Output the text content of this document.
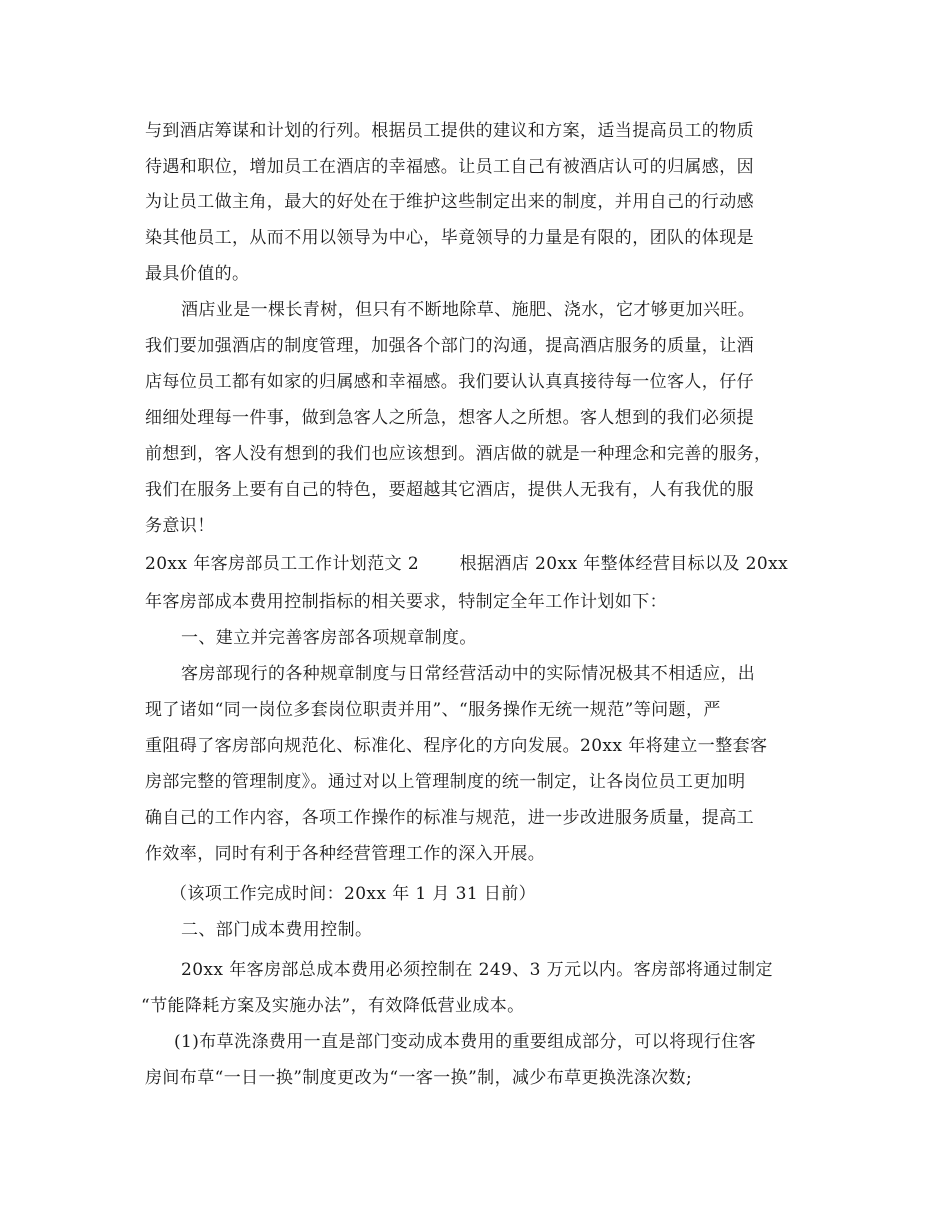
与到酒店筹谋和计划的行列。根据员工提供的建议和方案，适当提高员工的物质
待遇和职位，增加员工在酒店的幸福感。让员工自己有被酒店认可的归属感，因
为让员工做主角，最大的好处在于维护这些制定出来的制度，并用自己的行动感
染其他员工，从而不用以领导为中心，毕竟领导的力量是有限的，团队的体现是
最具价值的。
酒店业是一棵长青树，但只有不断地除草、施肥、浇水，它才够更加兴旺。
我们要加强酒店的制度管理，加强各个部门的沟通，提高酒店服务的质量，让酒
店每位员工都有如家的归属感和幸福感。我们要认认真真接待每一位客人，仔仔
细细处理每一件事，做到急客人之所急，想客人之所想。客人想到的我们必须提
前想到，客人没有想到的我们也应该想到。酒店做的就是一种理念和完善的服务，
我们在服务上要有自己的特色，要超越其它酒店，提供人无我有，人有我优的服
务意识！
20xx 年客房部员工工作计划范文 2　　 根据酒店 20xx 年整体经营目标以及 20xx
年客房部成本费用控制指标的相关要求，特制定全年工作计划如下：
一、建立并完善客房部各项规章制度。
客房部现行的各种规章制度与日常经营活动中的实际情况极其不相适应，出
现了诸如“同一岗位多套岗位职责并用”、“服务操作无统一规范”等问题，严
重阻碍了客房部向规范化、标准化、程序化的方向发展。20xx 年将建立一整套客
房部完整的管理制度》。通过对以上管理制度的统一制定，让各岗位员工更加明
确自己的工作内容，各项工作操作的标准与规范，进一步改进服务质量，提高工
作效率，同时有利于各种经营管理工作的深入开展。
（该项工作完成时间：20xx 年 1 月 31 日前）
二、部门成本费用控制。
20xx 年客房部总成本费用必须控制在 249、3 万元以内。客房部将通过制定
“节能降耗方案及实施办法”，有效降低营业成本。
(1)布草洗涤费用一直是部门变动成本费用的重要组成部分，可以将现行住客
房间布草“一日一换”制度更改为“一客一换”制，减少布草更换洗涤次数;
